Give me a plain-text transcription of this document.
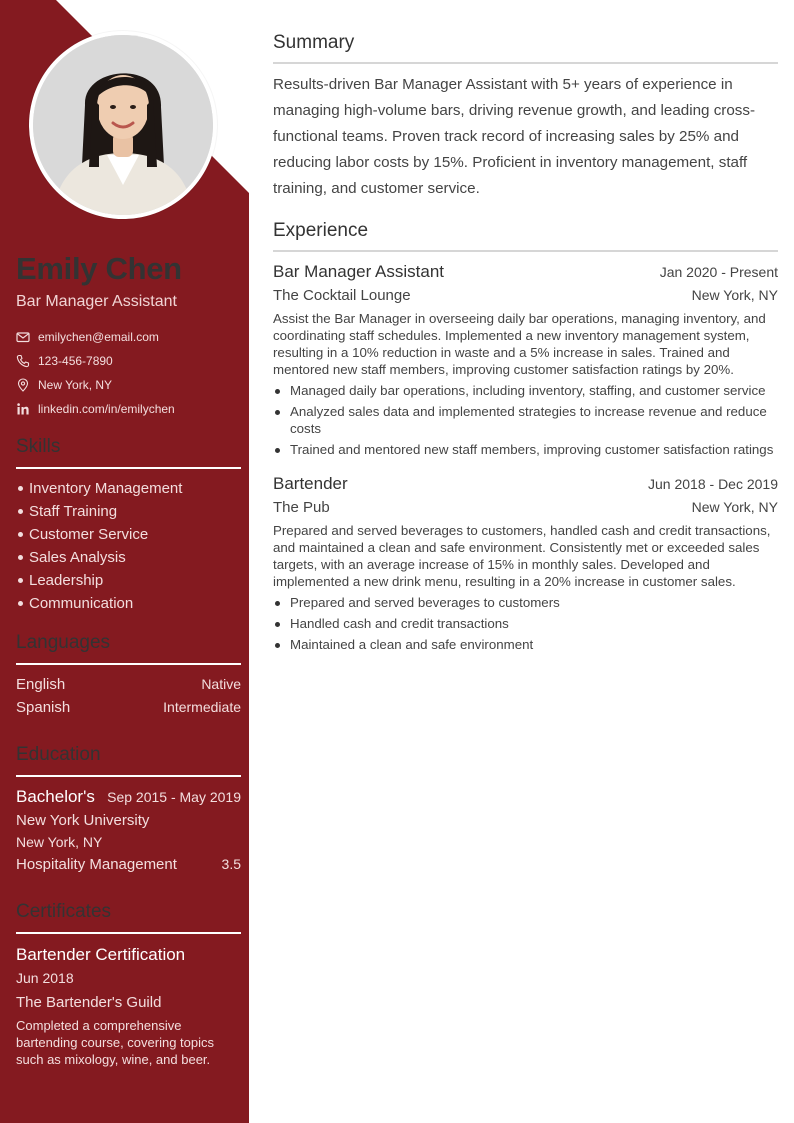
Emily Chen
Bar Manager Assistant
emilychen@email.com
123-456-7890
New York, NY
linkedin.com/in/emilychen
Skills
Inventory Management
Staff Training
Customer Service
Sales Analysis
Leadership
Communication
Languages
English	Native
Spanish	Intermediate
Education
Bachelor's Sep 2015 - May 2019
New York University
New York, NY
Hospitality Management	3.5
Certificates
Bartender Certification
Jun 2018
The Bartender's Guild
Completed a comprehensive bartending course, covering topics such as mixology, wine, and beer.
Summary

Results-driven Bar Manager Assistant with 5+ years of experience in managing high-volume bars, driving revenue growth, and leading cross-functional teams. Proven track record of increasing sales by 25% and reducing labor costs by 15%. Proficient in inventory management, staff training, and customer service.

Experience
Bar Manager Assistant	Jan 2020 - Present
The Cocktail Lounge	New York, NY
Assist the Bar Manager in overseeing daily bar operations, managing inventory, and coordinating staff schedules. Implemented a new inventory management system, resulting in a 10% reduction in waste and a 5% increase in sales. Trained and mentored new staff members, improving customer satisfaction ratings by 20%.
Managed daily bar operations, including inventory, staffing, and customer service
Analyzed sales data and implemented strategies to increase revenue and reduce costs
Trained and mentored new staff members, improving customer satisfaction ratings
Bartender	Jun 2018 - Dec 2019
The Pub	New York, NY
Prepared and served beverages to customers, handled cash and credit transactions, and maintained a clean and safe environment. Consistently met or exceeded sales targets, with an average increase of 15% in monthly sales. Developed and implemented a new drink menu, resulting in a 20% increase in customer sales.
Prepared and served beverages to customers
Handled cash and credit transactions
Maintained a clean and safe environment
